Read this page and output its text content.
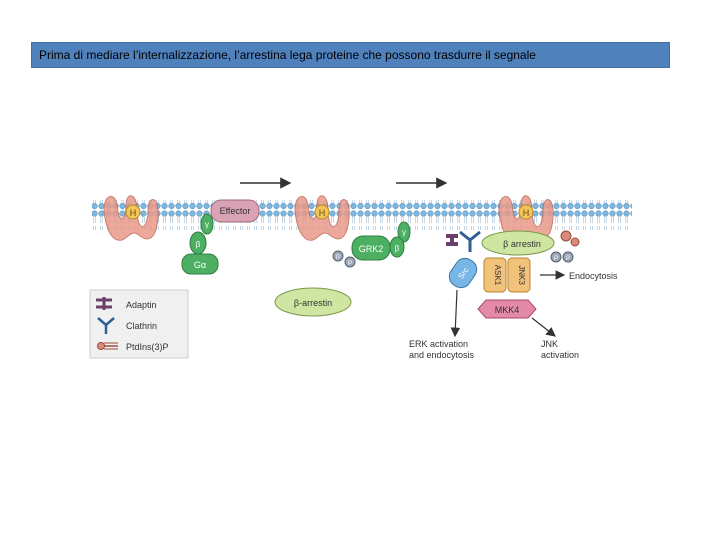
Prima di mediare l’internalizzazione, l’arrestina lega proteine che possono trasdurre il segnale
H	Effector
γ
β
Gα
H
γ
β
GRK2
P
P
β-arrestin
H
β arrestin
Src	ASK1 JNK3
MKK4
P P
Endocytosis
ERK activation
and endocytosis
JNK
activation
Adaptin
Clathrin
PtdIns(3)P
